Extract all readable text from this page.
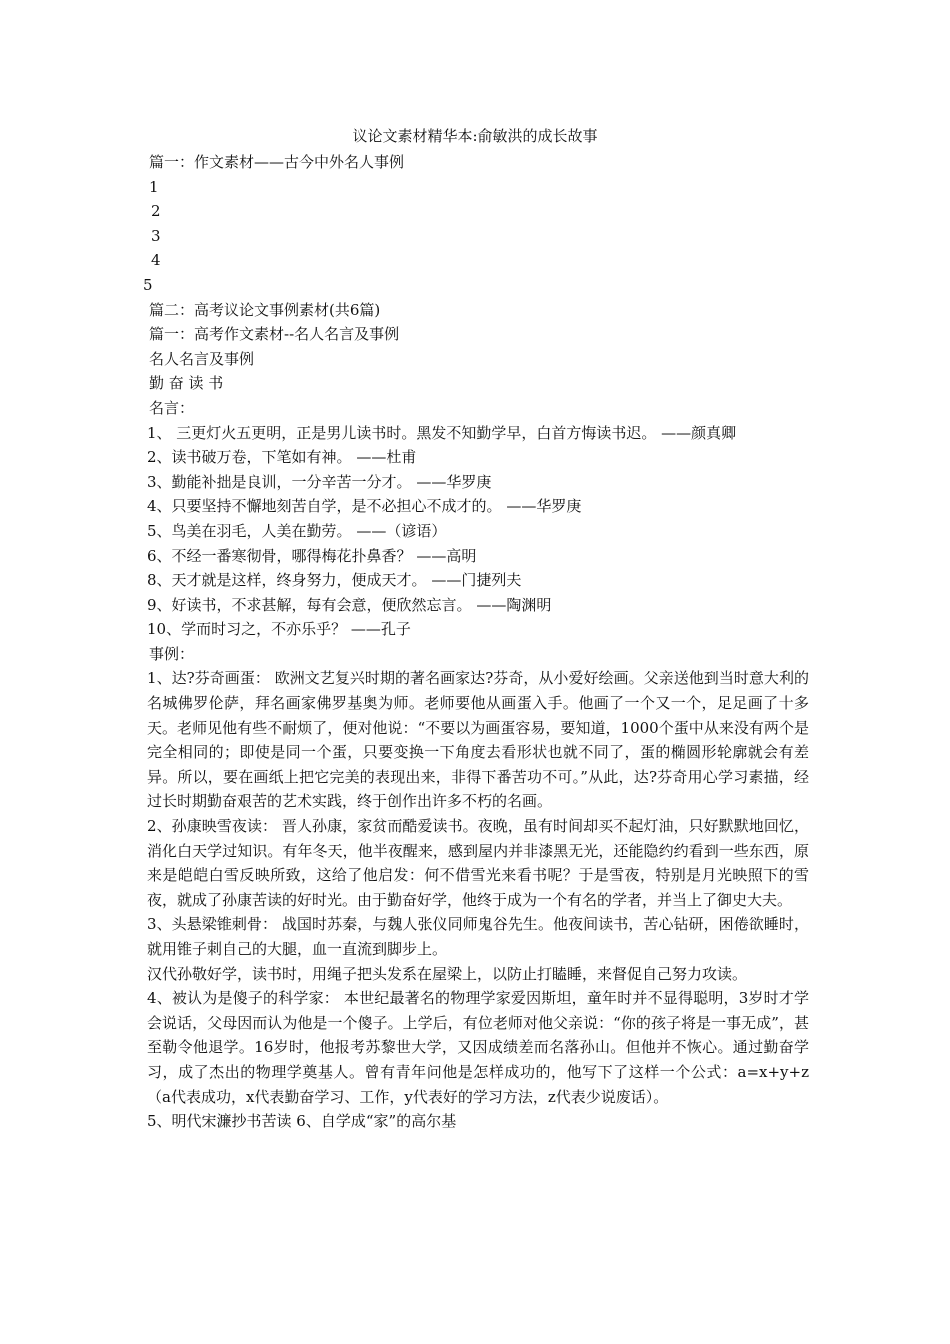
议论文素材精华本:俞敏洪的成长故事
篇一：作文素材——古今中外名人事例
1
2
3
4
5
篇二：高考议论文事例素材(共6篇)
篇一：高考作文素材--名人名言及事例
名人名言及事例
勤 奋 读 书
名言：
1、 三更灯火五更明，正是男儿读书时。黑发不知勤学早，白首方悔读书迟。 ——颜真卿
2、读书破万卷，下笔如有神。 ——杜甫
3、勤能补拙是良训，一分辛苦一分才。 ——华罗庚
4、只要坚持不懈地刻苦自学，是不必担心不成才的。 ——华罗庚
5、鸟美在羽毛，人美在勤劳。 ——（谚语）
6、不经一番寒彻骨，哪得梅花扑鼻香？ ——高明
8、天才就是这样，终身努力，便成天才。 ——门捷列夫
9、好读书，不求甚解，每有会意，便欣然忘言。 ——陶渊明
10、学而时习之，不亦乐乎？ ——孔子
事例：
1、达?芬奇画蛋： 欧洲文艺复兴时期的著名画家达?芬奇，从小爱好绘画。父亲送他到当时意大利的名城佛罗伦萨，拜名画家佛罗基奥为师。老师要他从画蛋入手。他画了一个又一个，足足画了十多天。老师见他有些不耐烦了，便对他说：“不要以为画蛋容易，要知道，1000个蛋中从来没有两个是完全相同的；即使是同一个蛋，只要变换一下角度去看形状也就不同了，蛋的椭圆形轮廓就会有差异。所以，要在画纸上把它完美的表现出来，非得下番苦功不可。”从此，达?芬奇用心学习素描，经过长时期勤奋艰苦的艺术实践，终于创作出许多不朽的名画。
2、孙康映雪夜读： 晋人孙康，家贫而酷爱读书。夜晚，虽有时间却买不起灯油，只好默默地回忆，消化白天学过知识。有年冬天，他半夜醒来，感到屋内并非漆黑无光，还能隐约约看到一些东西，原来是皑皑白雪反映所致，这给了他启发：何不借雪光来看书呢？于是雪夜，特别是月光映照下的雪夜，就成了孙康苦读的好时光。由于勤奋好学，他终于成为一个有名的学者，并当上了御史大夫。
3、头悬梁锥刺骨： 战国时苏秦，与魏人张仪同师鬼谷先生。他夜间读书，苦心钻研，困倦欲睡时，就用锥子刺自己的大腿，血一直流到脚步上。
汉代孙敬好学，读书时，用绳子把头发系在屋梁上，以防止打瞌睡，来督促自己努力攻读。
4、被认为是傻子的科学家： 本世纪最著名的物理学家爱因斯坦，童年时并不显得聪明，3岁时才学会说话，父母因而认为他是一个傻子。上学后，有位老师对他父亲说：“你的孩子将是一事无成”，甚至勒令他退学。16岁时，他报考苏黎世大学，又因成绩差而名落孙山。但他并不恢心。通过勤奋学习，成了杰出的物理学奠基人。曾有青年问他是怎样成功的，他写下了这样一个公式：a=x+y+z（a代表成功，x代表勤奋学习、工作，y代表好的学习方法，z代表少说废话）。
5、明代宋濂抄书苦读 6、自学成“家”的高尔基
